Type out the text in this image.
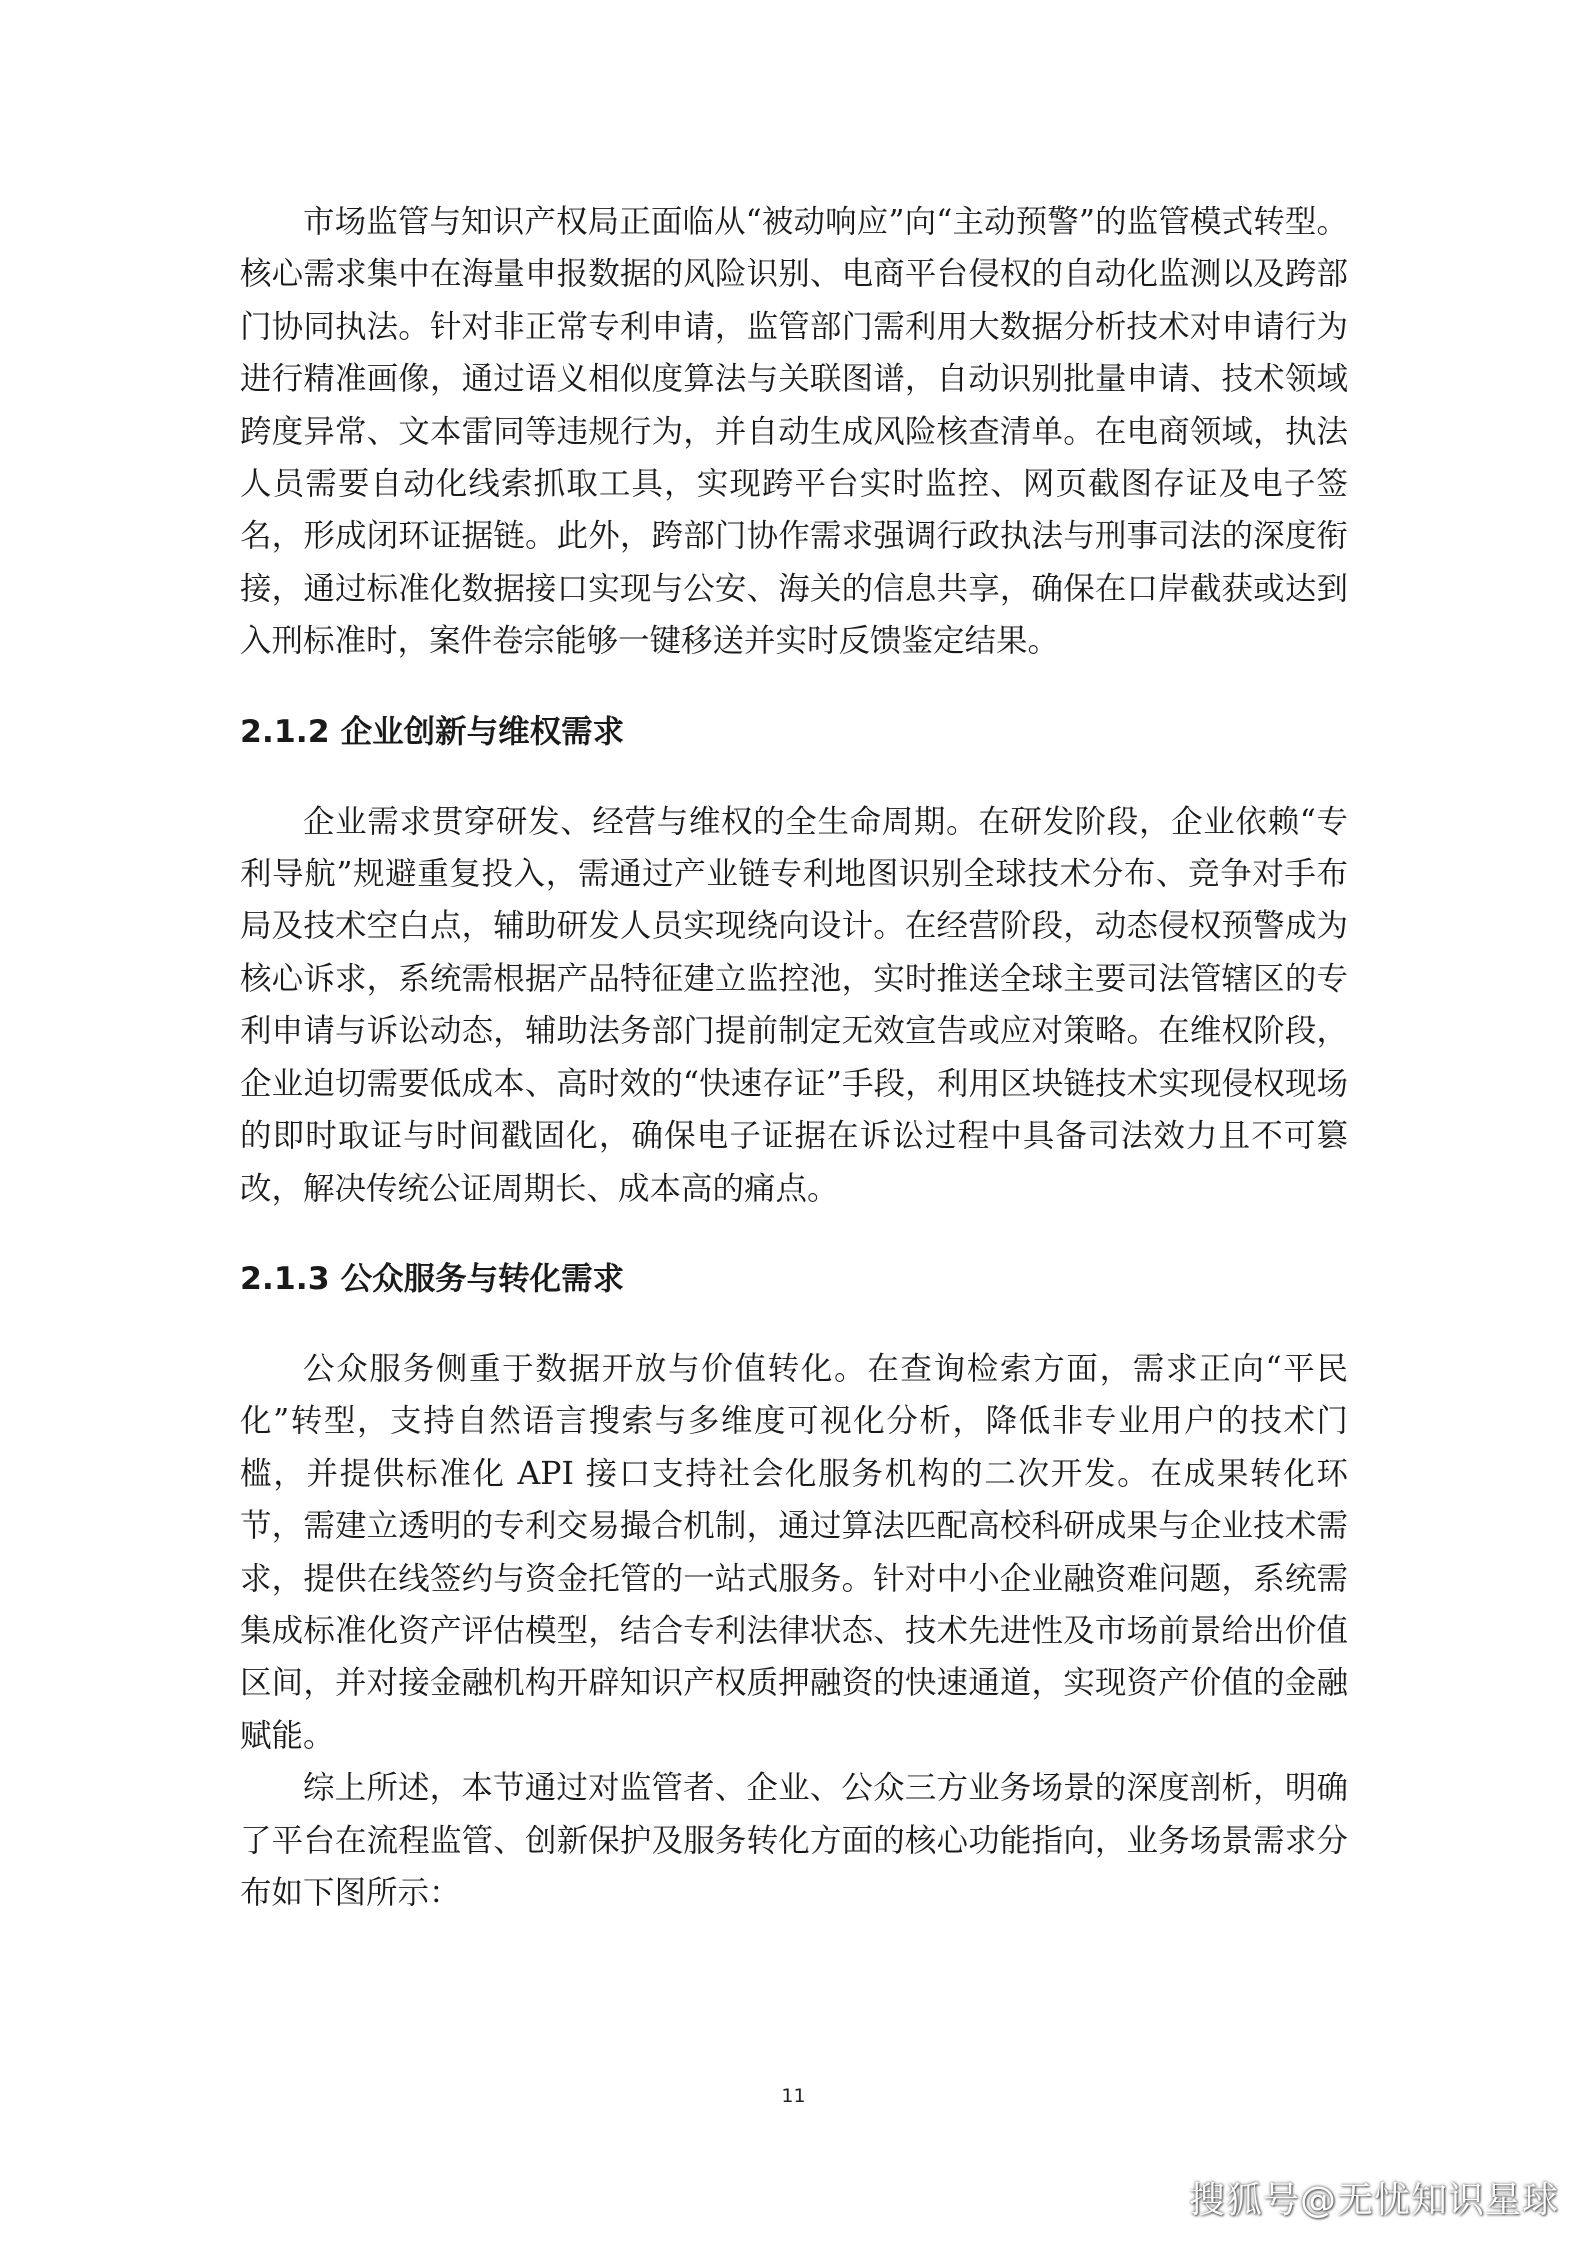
市场监管与知识产权局正面临从“被动响应”向“主动预警”的监管模式转型。核心需求集中在海量申报数据的风险识别、电商平台侵权的自动化监测以及跨部门协同执法。针对非正常专利申请，监管部门需利用大数据分析技术对申请行为进行精准画像，通过语义相似度算法与关联图谱，自动识别批量申请、技术领域跨度异常、文本雷同等违规行为，并自动生成风险核查清单。在电商领域，执法人员需要自动化线索抓取工具，实现跨平台实时监控、网页截图存证及电子签名，形成闭环证据链。此外，跨部门协作需求强调行政执法与刑事司法的深度衔接，通过标准化数据接口实现与公安、海关的信息共享，确保在口岸截获或达到入刑标准时，案件卷宗能够一键移送并实时反馈鉴定结果。

2.1.2 企业创新与维权需求

企业需求贯穿研发、经营与维权的全生命周期。在研发阶段，企业依赖“专利导航”规避重复投入，需通过产业链专利地图识别全球技术分布、竞争对手布局及技术空白点，辅助研发人员实现绕向设计。在经营阶段，动态侵权预警成为核心诉求，系统需根据产品特征建立监控池，实时推送全球主要司法管辖区的专利申请与诉讼动态，辅助法务部门提前制定无效宣告或应对策略。在维权阶段，企业迫切需要低成本、高时效的“快速存证”手段，利用区块链技术实现侵权现场的即时取证与时间戳固化，确保电子证据在诉讼过程中具备司法效力且不可篡改，解决传统公证周期长、成本高的痛点。

2.1.3 公众服务与转化需求

公众服务侧重于数据开放与价值转化。在查询检索方面，需求正向“平民化”转型，支持自然语言搜索与多维度可视化分析，降低非专业用户的技术门槛，并提供标准化 API 接口支持社会化服务机构的二次开发。在成果转化环节，需建立透明的专利交易撮合机制，通过算法匹配高校科研成果与企业技术需求，提供在线签约与资金托管的一站式服务。针对中小企业融资难问题，系统需集成标准化资产评估模型，结合专利法律状态、技术先进性及市场前景给出价值区间，并对接金融机构开辟知识产权质押融资的快速通道，实现资产价值的金融赋能。

综上所述，本节通过对监管者、企业、公众三方业务场景的深度剖析，明确了平台在流程监管、创新保护及服务转化方面的核心功能指向，业务场景需求分布如下图所示：

11
搜狐号@无忧知识星球
